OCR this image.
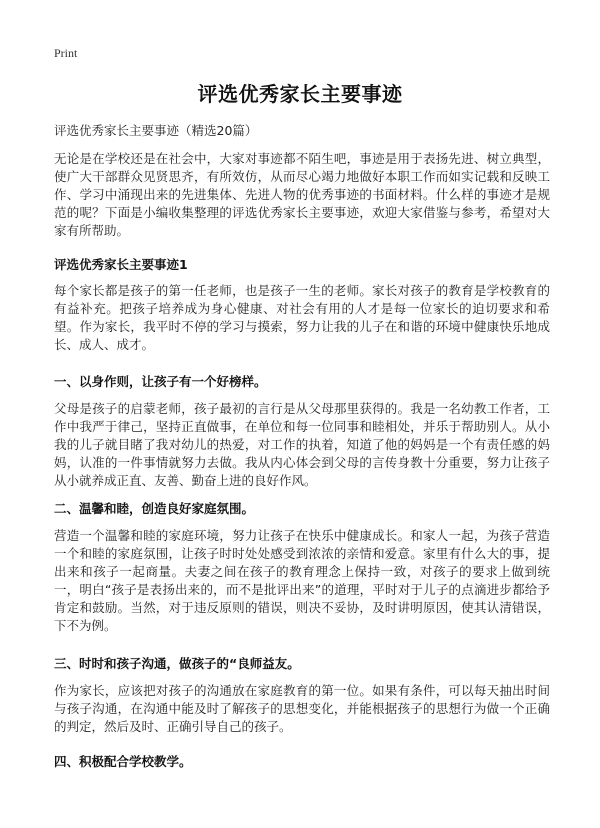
Print
评选优秀家长主要事迹
评选优秀家长主要事迹（精选20篇）

无论是在学校还是在社会中，大家对事迹都不陌生吧，事迹是用于表扬先进、树立典型，使广大干部群众见贤思齐，有所效仿，从而尽心竭力地做好本职工作而如实记载和反映工作、学习中涌现出来的先进集体、先进人物的优秀事迹的书面材料。什么样的事迹才是规范的呢？下面是小编收集整理的评选优秀家长主要事迹，欢迎大家借鉴与参考，希望对大家有所帮助。

评选优秀家长主要事迹1

每个家长都是孩子的第一任老师，也是孩子一生的老师。家长对孩子的教育是学校教育的有益补充。把孩子培养成为身心健康、对社会有用的人才是每一位家长的迫切要求和希望。作为家长，我平时不停的学习与摸索，努力让我的儿子在和谐的环境中健康快乐地成长、成人、成才。

一、以身作则，让孩子有一个好榜样。

父母是孩子的启蒙老师，孩子最初的言行是从父母那里获得的。我是一名幼教工作者，工作中我严于律己，坚持正直做事，在单位和每一位同事和睦相处，并乐于帮助别人。从小我的儿子就目睹了我对幼儿的热爱，对工作的执着，知道了他的妈妈是一个有责任感的妈妈，认准的一件事情就努力去做。我从内心体会到父母的言传身教十分重要，努力让孩子从小就养成正直、友善、勤奋上进的良好作风。

二、温馨和睦，创造良好家庭氛围。

营造一个温馨和睦的家庭环境，努力让孩子在快乐中健康成长。和家人一起，为孩子营造一个和睦的家庭氛围，让孩子时时处处感受到浓浓的亲情和爱意。家里有什么大的事，提出来和孩子一起商量。夫妻之间在孩子的教育理念上保持一致，对孩子的要求上做到统一，明白“孩子是表扬出来的，而不是批评出来”的道理，平时对于儿子的点滴进步都给予肯定和鼓励。当然，对于违反原则的错误，则决不妥协，及时讲明原因，使其认清错误，下不为例。

三、时时和孩子沟通，做孩子的“良师益友。

作为家长，应该把对孩子的沟通放在家庭教育的第一位。如果有条件，可以每天抽出时间与孩子沟通，在沟通中能及时了解孩子的思想变化，并能根据孩子的思想行为做一个正确的判定，然后及时、正确引导自己的孩子。

四、积极配合学校教学。
